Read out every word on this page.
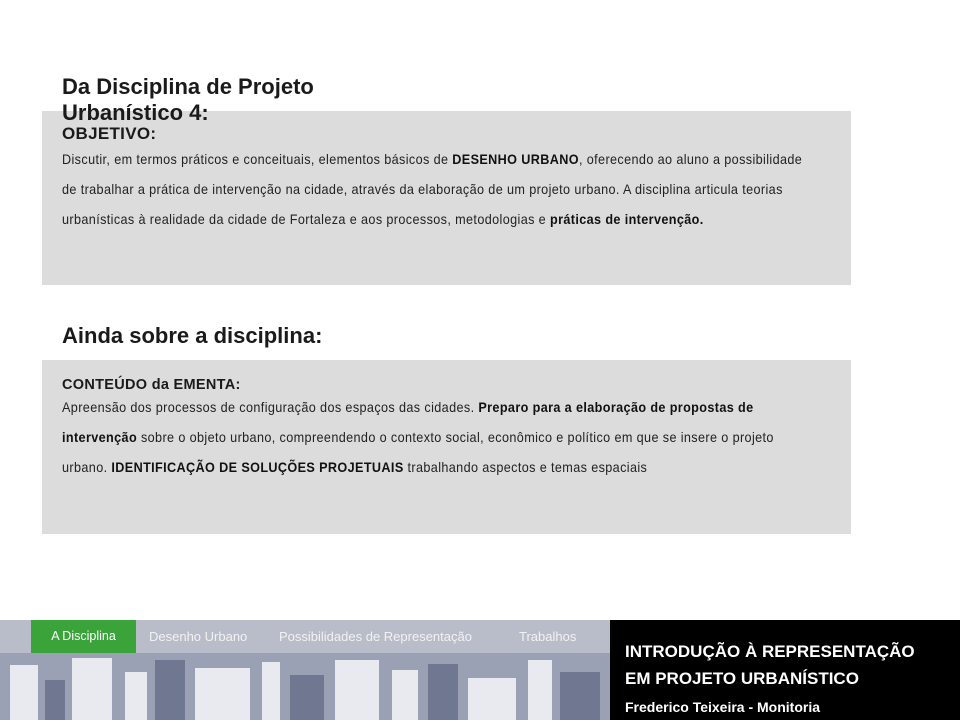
Da Disciplina de Projeto Urbanístico 4:
OBJETIVO:
Discutir, em termos práticos e conceituais, elementos básicos de DESENHO URBANO, oferecendo ao aluno a possibilidade de trabalhar a prática de intervenção na cidade, através da elaboração de um projeto urbano. A disciplina articula teorias urbanísticas à realidade da cidade de Fortaleza e aos processos, metodologias e práticas de intervenção.
Ainda sobre a disciplina:
CONTEÚDO da EMENTA:
Apreensão dos processos de configuração dos espaços das cidades. Preparo para a elaboração de propostas de intervenção sobre o objeto urbano, compreendendo o contexto social, econômico e político em que se insere o projeto urbano. IDENTIFICAÇÃO DE SOLUÇÕES PROJETUAIS trabalhando aspectos e temas espaciais
A Disciplina	Desenho Urbano Possibilidades de Representação	Trabalhos
INTRODUÇÃO À REPRESENTAÇÃO
EM PROJETO URBANÍSTICO
Frederico Teixeira - Monitoria
